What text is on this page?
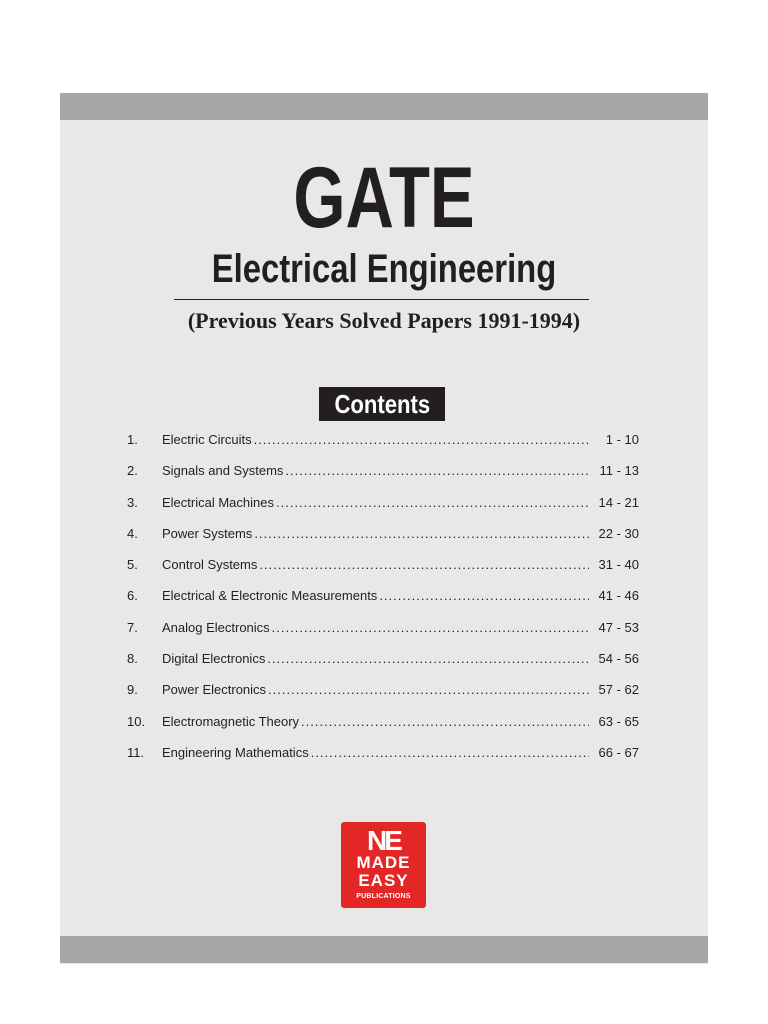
GATE
Electrical Engineering
(Previous Years Solved Papers 1991-1994)
Contents
1.	Electric Circuits .....	1 - 10
2.	Signals and Systems .....	11 - 13
3.	Electrical Machines .....	14 - 21
4.	Power Systems .....	22 - 30
5.	Control Systems .....	31 - 40
6.	Electrical & Electronic Measurements .....	41 - 46
7.	Analog Electronics .....	47 - 53
8.	Digital Electronics .....	54 - 56
9.	Power Electronics .....	57 - 62
10.	Electromagnetic Theory .....	63 - 65
11.	Engineering Mathematics .....	66 - 67
NE
MADE
EASY
PUBLICATIONS
